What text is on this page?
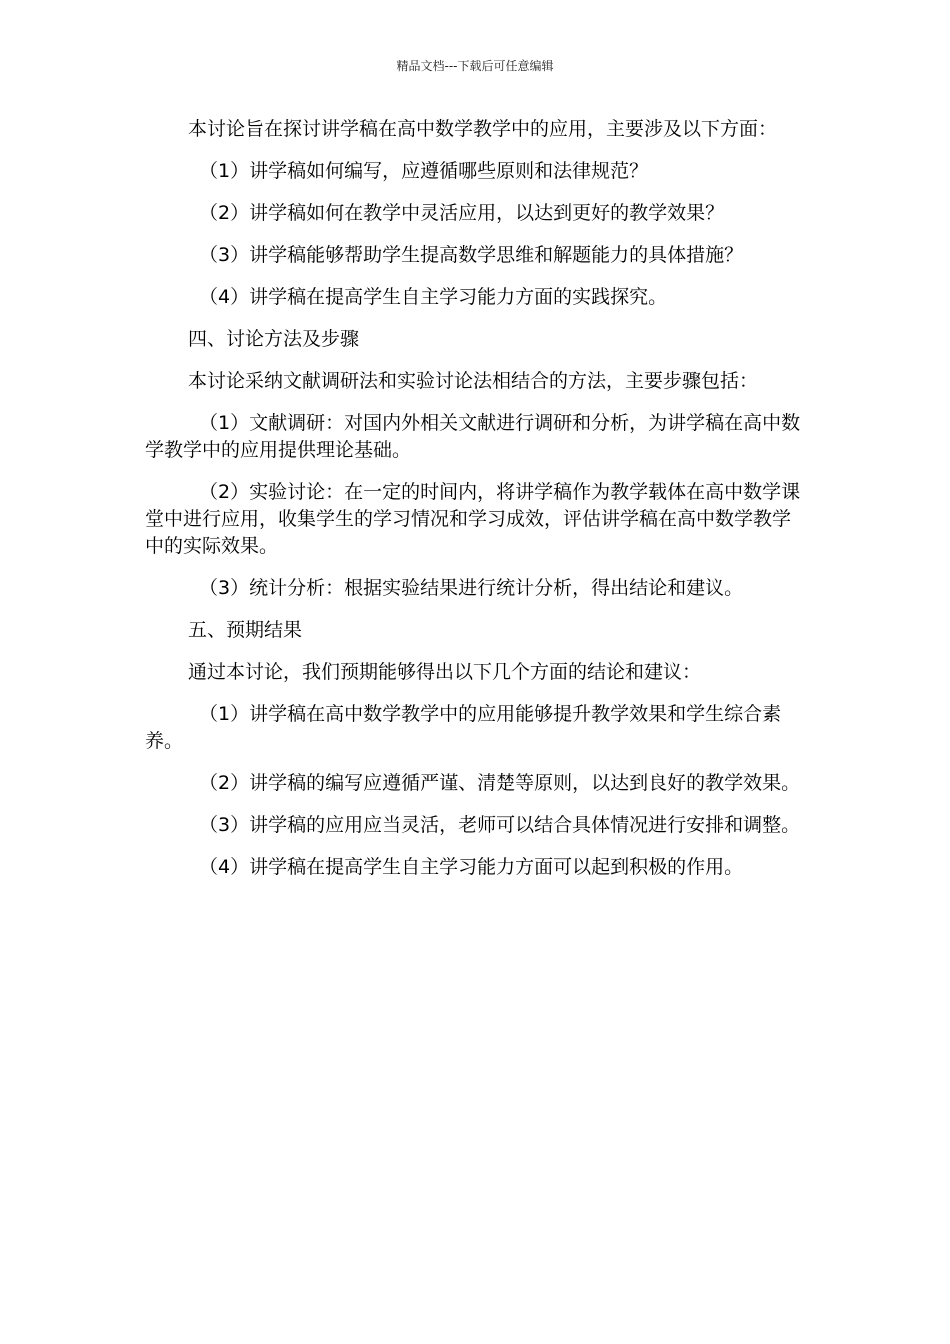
精品文档---下载后可任意编辑

本讨论旨在探讨讲学稿在高中数学教学中的应用，主要涉及以下方面：

（1）讲学稿如何编写，应遵循哪些原则和法律规范？

（2）讲学稿如何在教学中灵活应用，以达到更好的教学效果？

（3）讲学稿能够帮助学生提高数学思维和解题能力的具体措施？

（4）讲学稿在提高学生自主学习能力方面的实践探究。

四、讨论方法及步骤

本讨论采纳文献调研法和实验讨论法相结合的方法，主要步骤包括：

（1）文献调研：对国内外相关文献进行调研和分析，为讲学稿在高中数学教学中的应用提供理论基础。

（2）实验讨论：在一定的时间内，将讲学稿作为教学载体在高中数学课堂中进行应用，收集学生的学习情况和学习成效，评估讲学稿在高中数学教学中的实际效果。

（3）统计分析：根据实验结果进行统计分析，得出结论和建议。

五、预期结果

通过本讨论，我们预期能够得出以下几个方面的结论和建议：

（1）讲学稿在高中数学教学中的应用能够提升教学效果和学生综合素养。

（2）讲学稿的编写应遵循严谨、清楚等原则，以达到良好的教学效果。

（3）讲学稿的应用应当灵活，老师可以结合具体情况进行安排和调整。

（4）讲学稿在提高学生自主学习能力方面可以起到积极的作用。
